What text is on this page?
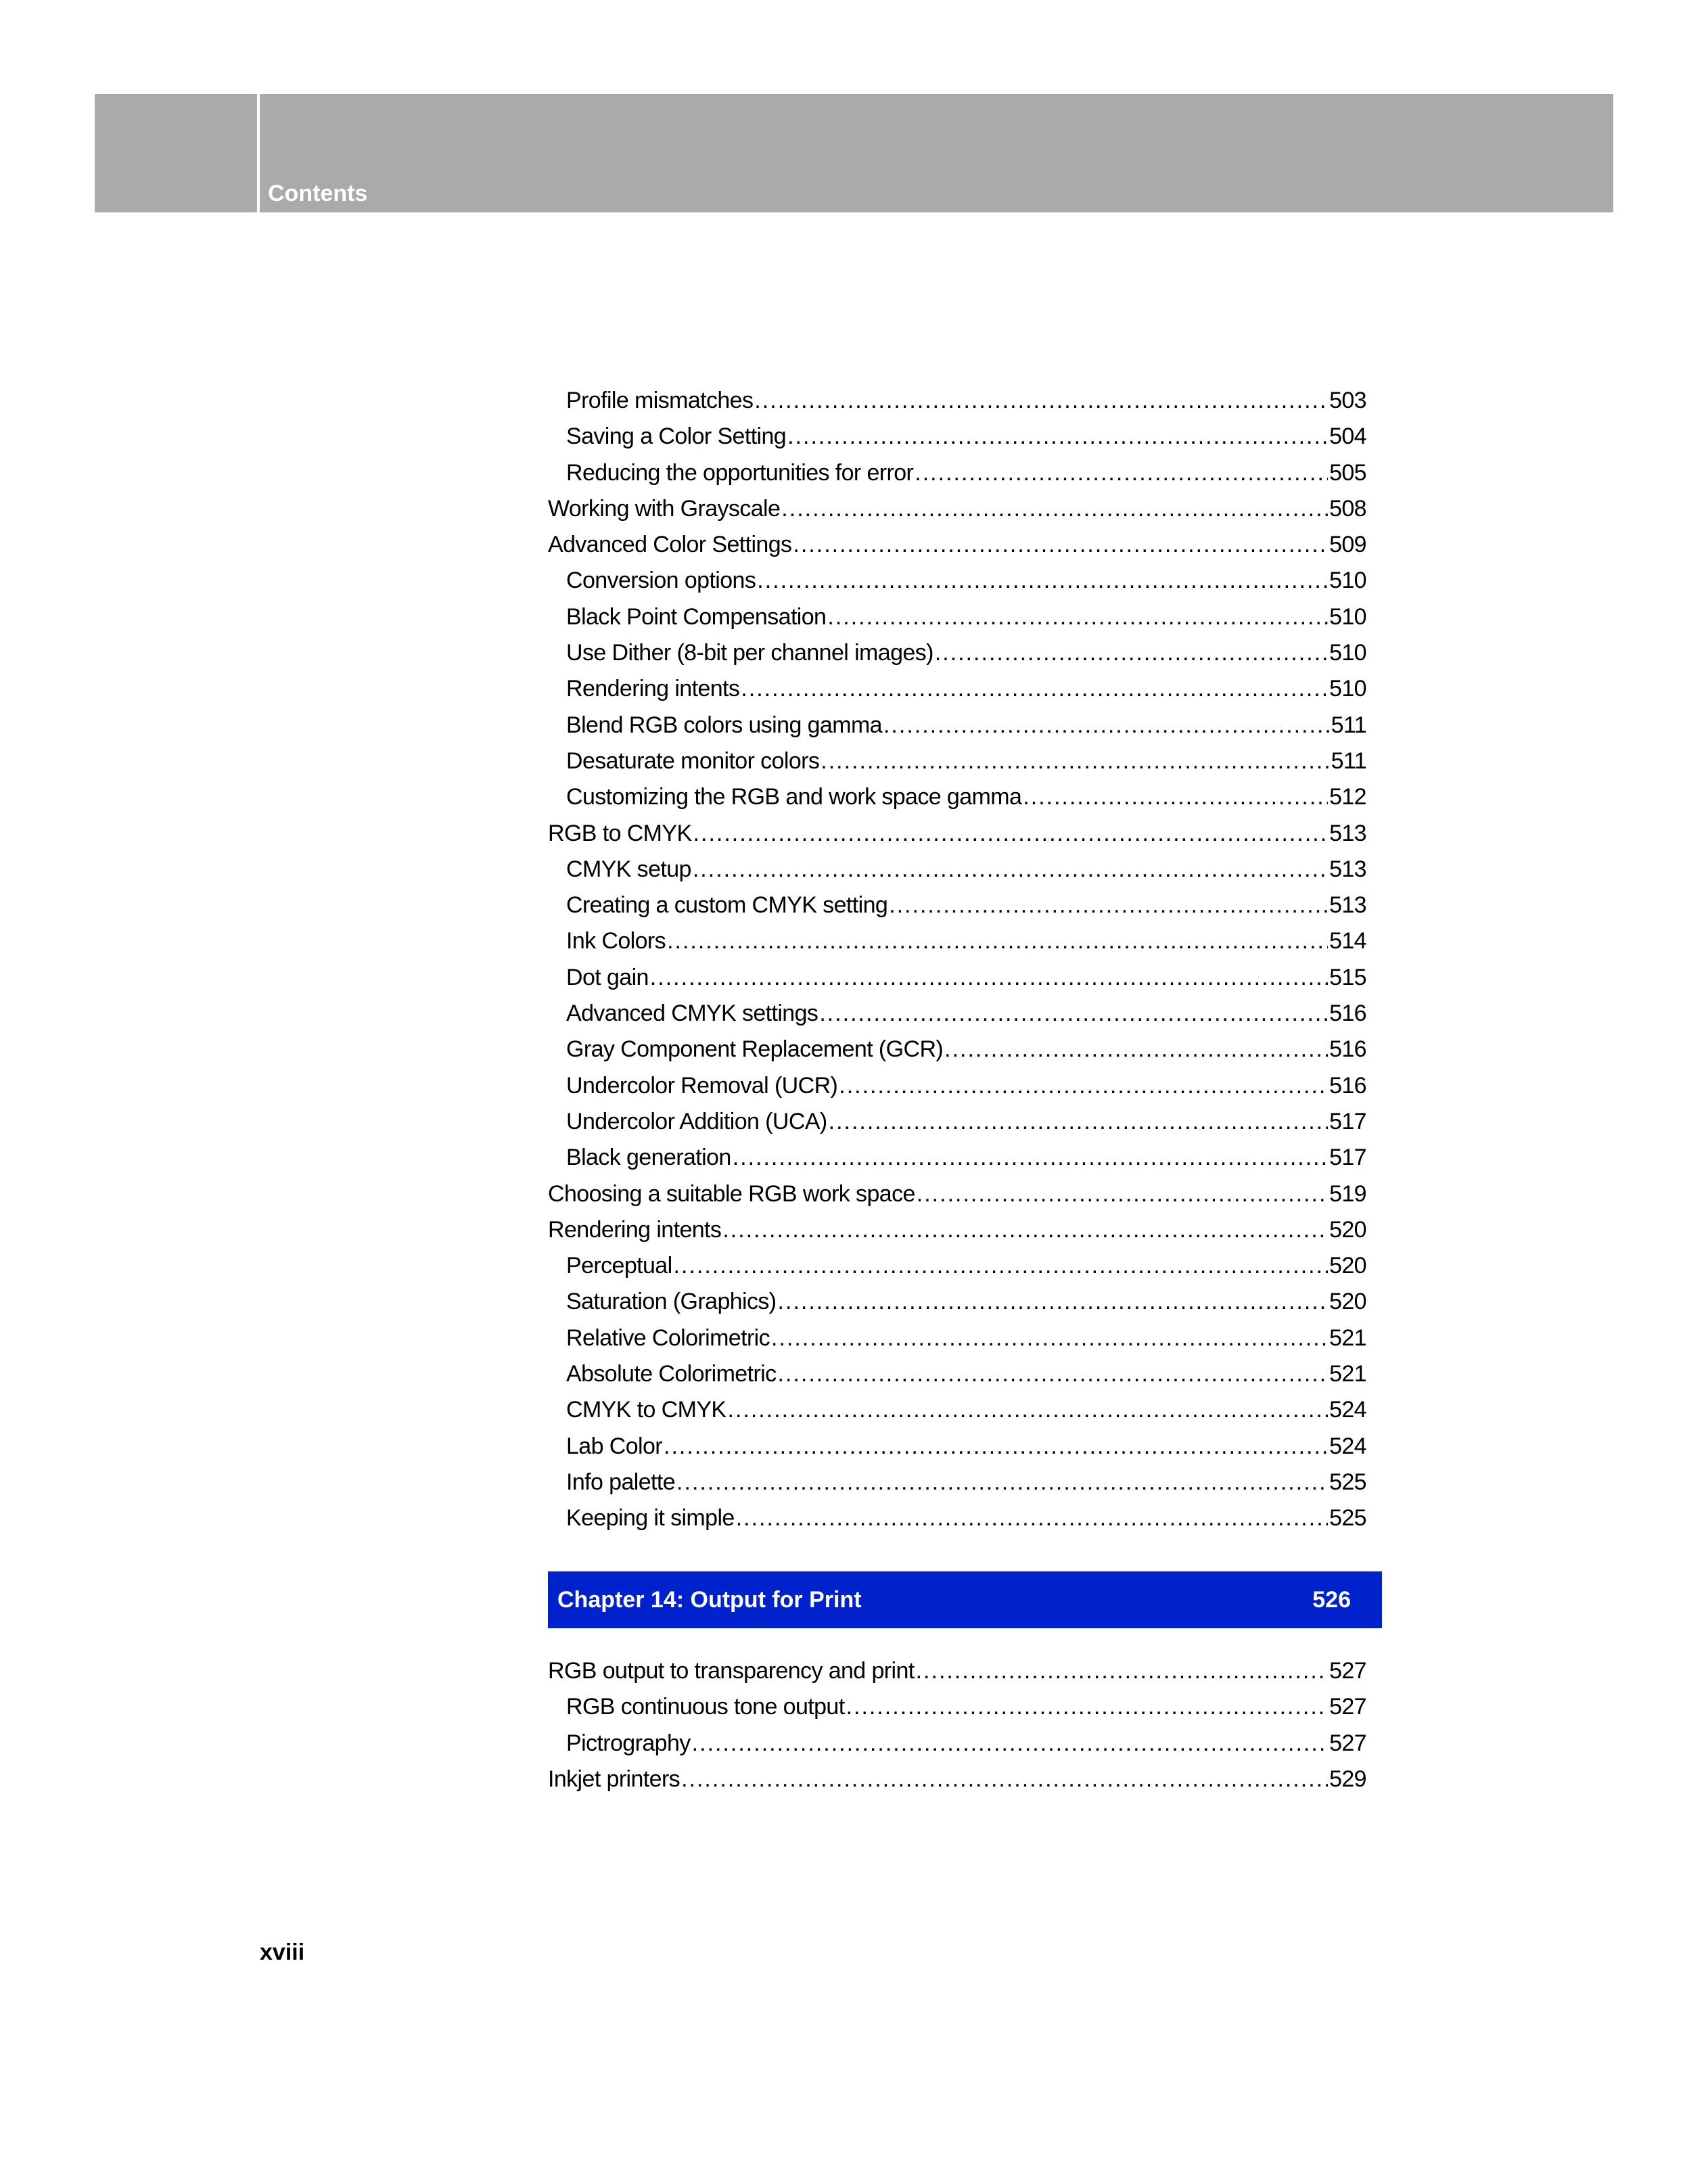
Contents
Profile mismatches .....	503
Saving a Color Setting .....	504
Reducing the opportunities for error .....	505
Working with Grayscale .....	508
Advanced Color Settings .....	509
Conversion options .....	510
Black Point Compensation .....	510
Use Dither (8-bit per channel images) .....	510
Rendering intents .....	510
Blend RGB colors using gamma .....	511
Desaturate monitor colors .....	511
Customizing the RGB and work space gamma .....	512
RGB to CMYK .....	513
CMYK setup .....	513
Creating a custom CMYK setting .....	513
Ink Colors .....	514
Dot gain .....	515
Advanced CMYK settings .....	516
Gray Component Replacement (GCR) .....	516
Undercolor Removal (UCR) .....	516
Undercolor Addition (UCA) .....	517
Black generation .....	517
Choosing a suitable RGB work space .....	519
Rendering intents .....	520
Perceptual .....	520
Saturation (Graphics) .....	520
Relative Colorimetric .....	521
Absolute Colorimetric .....	521
CMYK to CMYK .....	524
Lab Color .....	524
Info palette .....	525
Keeping it simple .....	525
Chapter 14: Output for Print	526
RGB output to transparency and print .....	527
RGB continuous tone output .....	527
Pictrography .....	527
Inkjet printers .....	529
xviii
